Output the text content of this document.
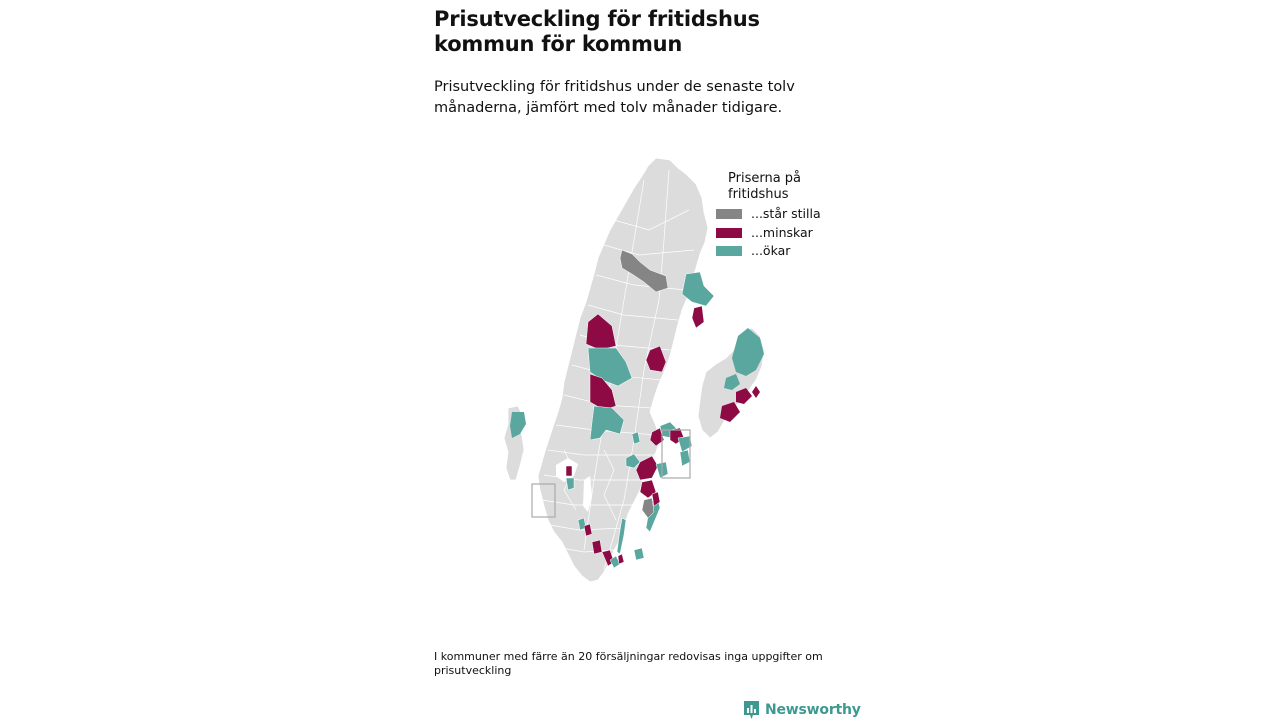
Prisutveckling för fritidshus kommun för kommun

Prisutveckling för fritidshus under de senaste tolv månaderna, jämfört med tolv månader tidigare.

Priserna på fritidshus
...står stilla
...minskar
...ökar

I kommuner med färre än 20 försäljningar redovisas inga uppgifter om prisutveckling

Newsworthy
